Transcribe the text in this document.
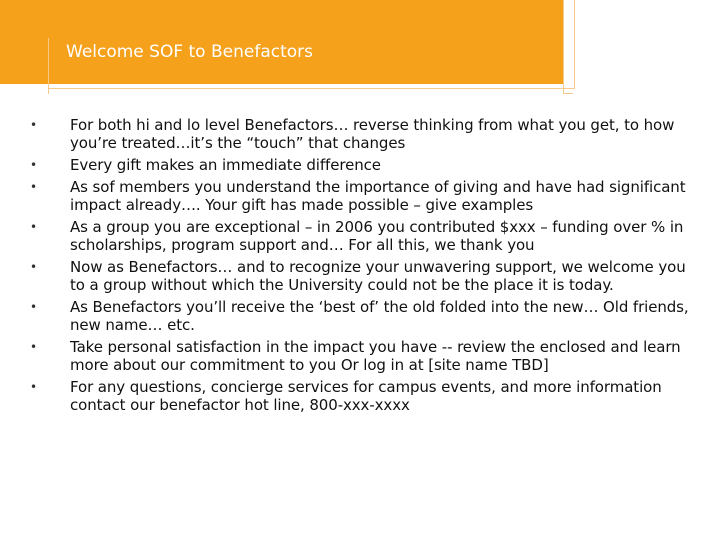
Welcome SOF to Benefactors
• For both hi and lo level Benefactors… reverse thinking from what you get, to how you’re treated…it’s the “touch” that changes
• Every gift makes an immediate difference
• As sof members you understand the importance of giving and have had significant impact already…. Your gift has made possible – give examples
• As a group you are exceptional – in 2006 you contributed $xxx – funding over % in scholarships, program support and… For all this, we thank you
• Now as Benefactors… and to recognize your unwavering support, we welcome you to a group without which the University could not be the place it is today.
• As Benefactors you’ll receive the ‘best of’ the old folded into the new… Old friends, new name… etc.
• Take personal satisfaction in the impact you have -- review the enclosed and learn more about our commitment to you Or log in at [site name TBD]
• For any questions, concierge services for campus events, and more information contact our benefactor hot line, 800-xxx-xxxx
